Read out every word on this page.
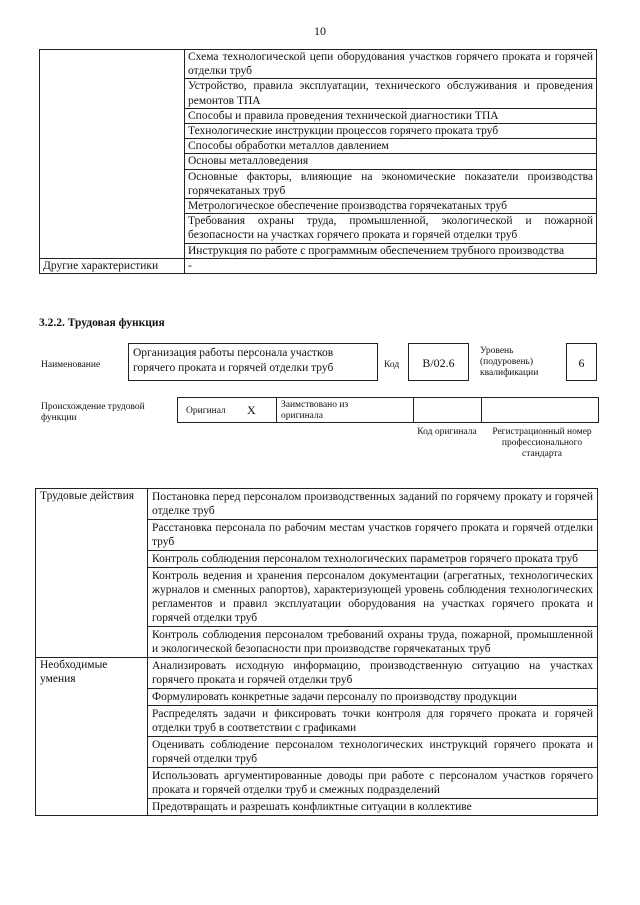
10
	Схема технологической цепи оборудования участков горячего проката и горячей отделки труб
	Устройство, правила эксплуатации, технического обслуживания и проведения ремонтов ТПА
	Способы и правила проведения технической диагностики ТПА
	Технологические инструкции процессов горячего проката труб
	Способы обработки металлов давлением
	Основы металловедения
	Основные факторы, влияющие на экономические показатели производства горячекатаных труб
	Метрологическое обеспечение производства горячекатаных труб
	Требования охраны труда, промышленной, экологической и пожарной безопасности на участках горячего проката и горячей отделки труб
	Инструкция по работе с программным обеспечением трубного производства
Другие характеристики	-
3.2.2. Трудовая функция
Наименование
Организация работы персонала участков горячего проката и горячей отделки труб	Код	В/02.6
Уровень (подуровень) квалификации
6
Происхождение трудовой функции
Оригинал X	Заимствовано из оригинала
Код оригинала	Регистрационный номер профессионального стандарта
Трудовые действия	Постановка перед персоналом производственных заданий по горячему прокату и горячей отделке труб
	Расстановка персонала по рабочим местам участков горячего проката и горячей отделки труб
	Контроль соблюдения персоналом технологических параметров горячего проката труб
	Контроль ведения и хранения персоналом документации (агрегатных, технологических журналов и сменных рапортов), характеризующей уровень соблюдения технологических регламентов и правил эксплуатации оборудования на участках горячего проката и горячей отделки труб
	Контроль соблюдения персоналом требований охраны труда, пожарной, промышленной и экологической безопасности при производстве горячекатаных труб
Необходимые умения	Анализировать исходную информацию, производственную ситуацию на участках горячего проката и горячей отделки труб
	Формулировать конкретные задачи персоналу по производству продукции
	Распределять задачи и фиксировать точки контроля для горячего проката и горячей отделки труб в соответствии с графиками
	Оценивать соблюдение персоналом технологических инструкций горячего проката и горячей отделки труб
	Использовать аргументированные доводы при работе с персоналом участков горячего проката и горячей отделки труб и смежных подразделений
	Предотвращать и разрешать конфликтные ситуации в коллективе
